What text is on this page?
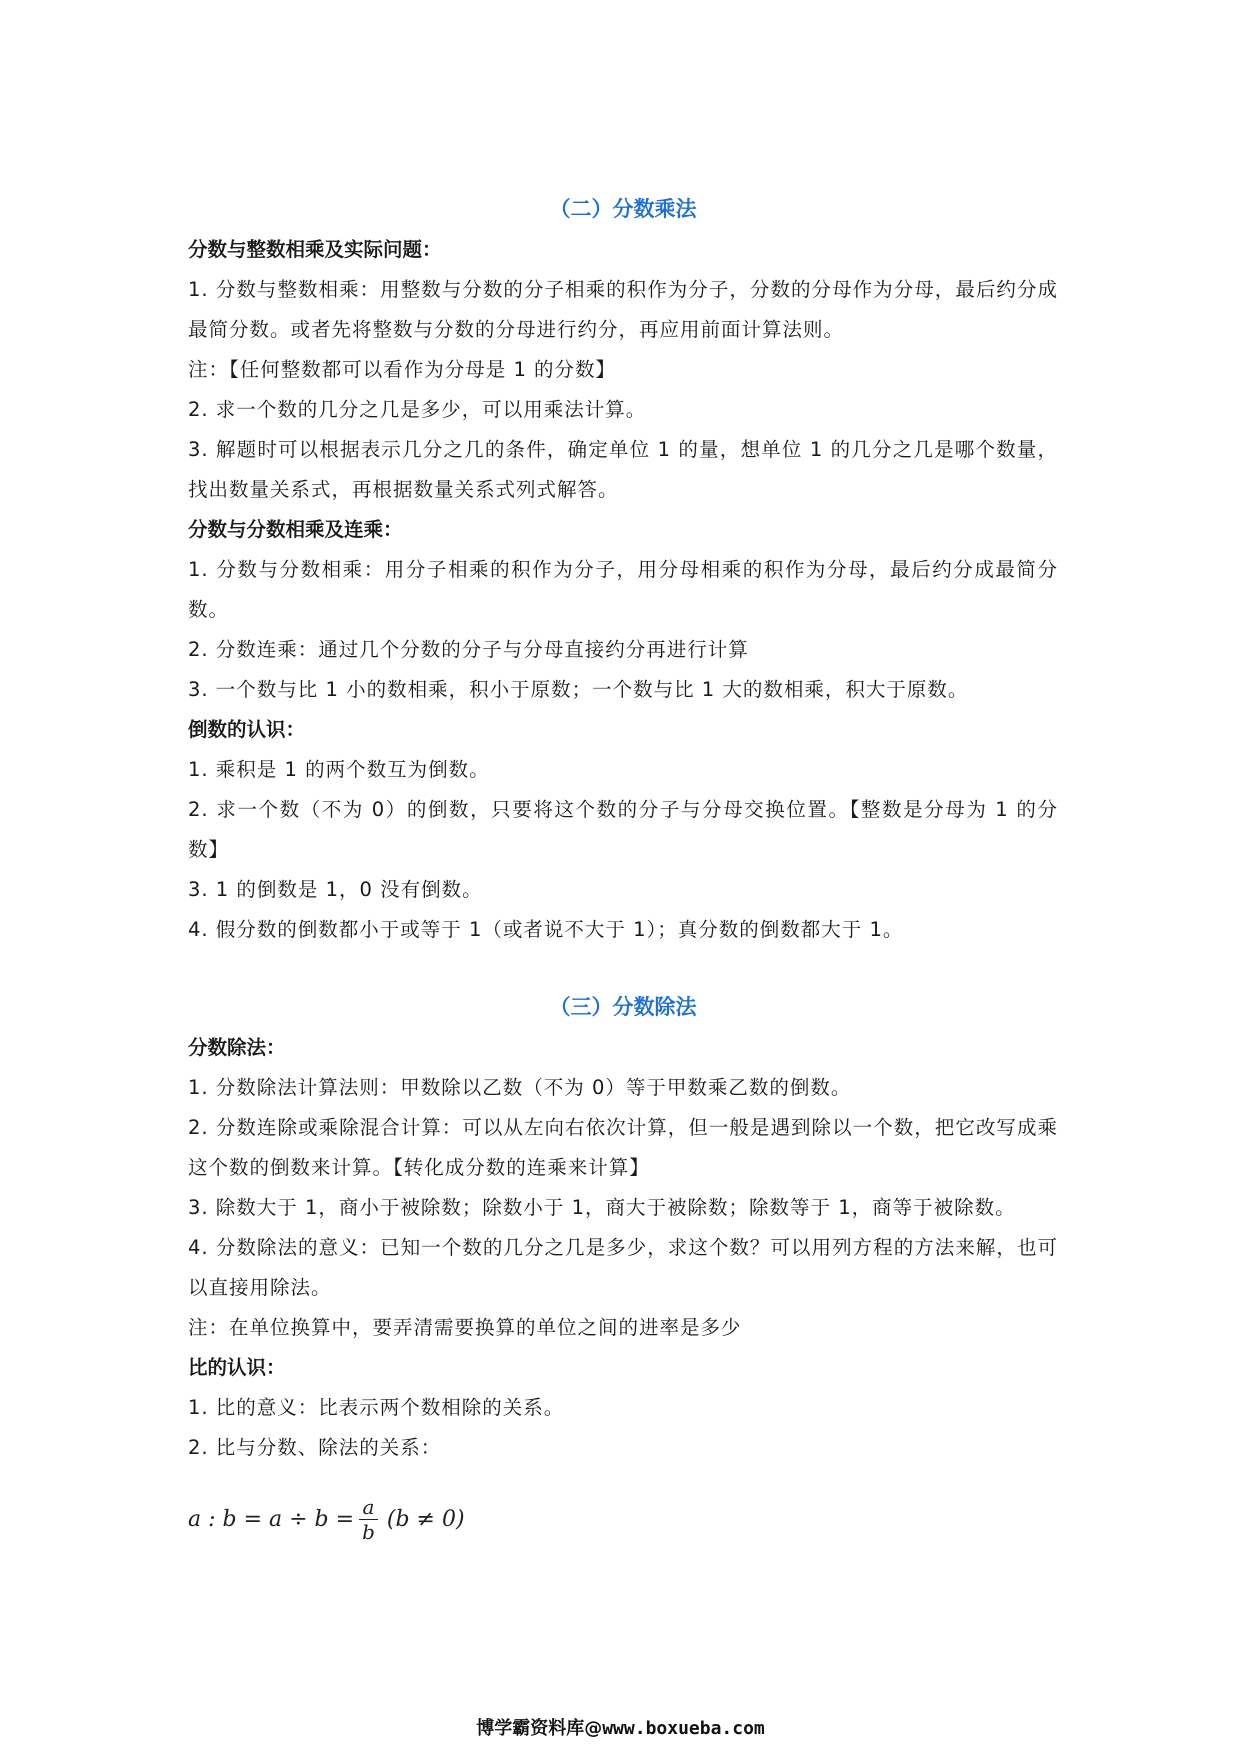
（二）分数乘法
分数与整数相乘及实际问题：

1. 分数与整数相乘：用整数与分数的分子相乘的积作为分子，分数的分母作为分母，最后约分成最简分数。或者先将整数与分数的分母进行约分，再应用前面计算法则。

注：【任何整数都可以看作为分母是 1 的分数】

2. 求一个数的几分之几是多少，可以用乘法计算。

3. 解题时可以根据表示几分之几的条件，确定单位 1 的量，想单位 1 的几分之几是哪个数量，找出数量关系式，再根据数量关系式列式解答。

分数与分数相乘及连乘：

1. 分数与分数相乘：用分子相乘的积作为分子，用分母相乘的积作为分母，最后约分成最简分数。

2. 分数连乘：通过几个分数的分子与分母直接约分再进行计算

3. 一个数与比 1 小的数相乘，积小于原数；一个数与比 1 大的数相乘，积大于原数。

倒数的认识：

1. 乘积是 1 的两个数互为倒数。

2. 求一个数（不为 0）的倒数，只要将这个数的分子与分母交换位置。【整数是分母为 1 的分数】

3. 1 的倒数是 1，0 没有倒数。

4. 假分数的倒数都小于或等于 1（或者说不大于 1）；真分数的倒数都大于 1。

（三）分数除法
分数除法：

1. 分数除法计算法则：甲数除以乙数（不为 0）等于甲数乘乙数的倒数。

2. 分数连除或乘除混合计算：可以从左向右依次计算，但一般是遇到除以一个数，把它改写成乘这个数的倒数来计算。【转化成分数的连乘来计算】

3. 除数大于 1，商小于被除数；除数小于 1，商大于被除数；除数等于 1，商等于被除数。

4. 分数除法的意义：已知一个数的几分之几是多少，求这个数？可以用列方程的方法来解，也可以直接用除法。

注：在单位换算中，要弄清需要换算的单位之间的进率是多少

比的认识：

1. 比的意义：比表示两个数相除的关系。

2. 比与分数、除法的关系：

a : $b = a \div b = \frac{a}{b} (b \ne 0)$
博学霸资料库@www.boxueba.com
